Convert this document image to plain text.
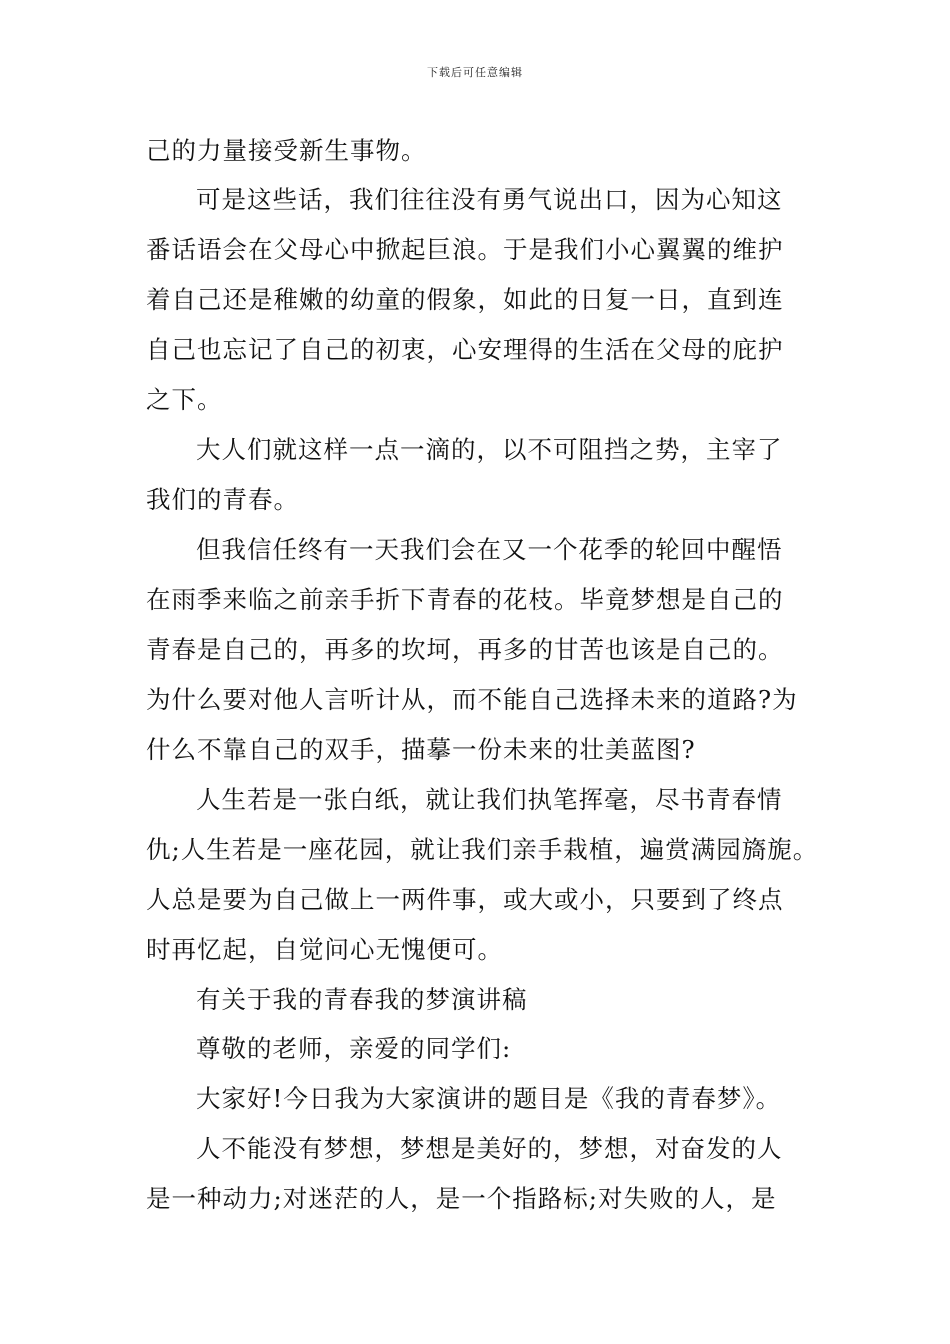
下载后可任意编辑
己的力量接受新生事物。
可是这些话，我们往往没有勇气说出口，因为心知这
番话语会在父母心中掀起巨浪。于是我们小心翼翼的维护
着自己还是稚嫩的幼童的假象，如此的日复一日，直到连
自己也忘记了自己的初衷，心安理得的生活在父母的庇护
之下。
大人们就这样一点一滴的，以不可阻挡之势，主宰了
我们的青春。
但我信任终有一天我们会在又一个花季的轮回中醒悟
在雨季来临之前亲手折下青春的花枝。毕竟梦想是自己的
青春是自己的，再多的坎坷，再多的甘苦也该是自己的。
为什么要对他人言听计从，而不能自己选择未来的道路?为
什么不靠自己的双手，描摹一份未来的壮美蓝图?
人生若是一张白纸，就让我们执笔挥毫，尽书青春情
仇;人生若是一座花园，就让我们亲手栽植，遍赏满园旖旎。
人总是要为自己做上一两件事，或大或小，只要到了终点
时再忆起，自觉问心无愧便可。
有关于我的青春我的梦演讲稿
尊敬的老师，亲爱的同学们:
大家好!今日我为大家演讲的题目是《我的青春梦》。
人不能没有梦想，梦想是美好的，梦想，对奋发的人
是一种动力;对迷茫的人，是一个指路标;对失败的人，是
